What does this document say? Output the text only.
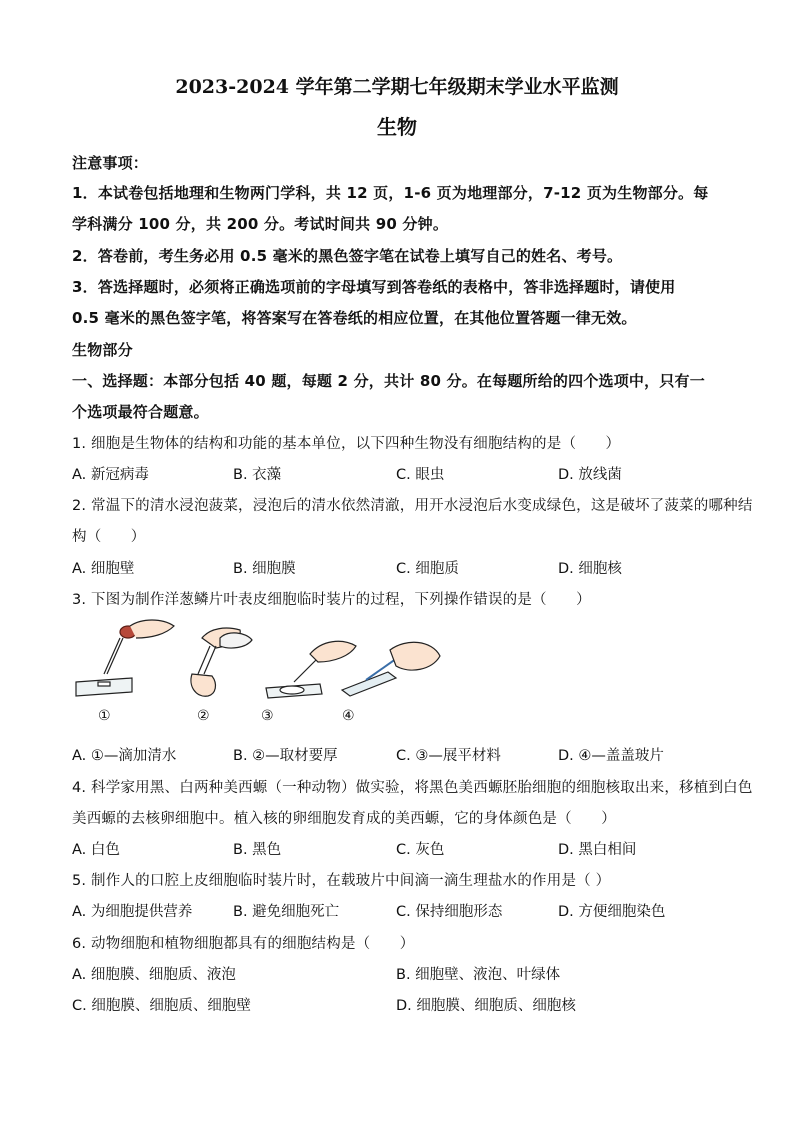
2023-2024 学年第二学期七年级期末学业水平监测
生物
注意事项：
1．本试卷包括地理和生物两门学科，共 12 页，1-6 页为地理部分，7-12 页为生物部分。每
学科满分 100 分，共 200 分。考试时间共 90 分钟。
2．答卷前，考生务必用 0.5 毫米的黑色签字笔在试卷上填写自己的姓名、考号。
3．答选择题时，必须将正确选项前的字母填写到答卷纸的表格中，答非选择题时，请使用
0.5 毫米的黑色签字笔，将答案写在答卷纸的相应位置，在其他位置答题一律无效。
生物部分
一、选择题：本部分包括 40 题，每题 2 分，共计 80 分。在每题所给的四个选项中，只有一
个选项最符合题意。
1. 细胞是生物体的结构和功能的基本单位，以下四种生物没有细胞结构的是（　　）
A. 新冠病毒	B. 衣藻	C. 眼虫	D. 放线菌
2. 常温下的清水浸泡菠菜，浸泡后的清水依然清澈，用开水浸泡后水变成绿色，这是破坏了菠菜的哪种结
构（　　）
A. 细胞壁	B. 细胞膜	C. 细胞质	D. 细胞核
3. 下图为制作洋葱鳞片叶表皮细胞临时装片的过程，下列操作错误的是（　　）
①	②	③	④
A. ①—滴加清水	B. ②—取材要厚	C. ③—展平材料	D. ④—盖盖玻片
4. 科学家用黑、白两种美西螈（一种动物）做实验，将黑色美西螈胚胎细胞的细胞核取出来，移植到白色
美西螈的去核卵细胞中。植入核的卵细胞发育成的美西螈，它的身体颜色是（　　）
A. 白色	B. 黑色	C. 灰色	D. 黑白相间
5. 制作人的口腔上皮细胞临时装片时，在载玻片中间滴一滴生理盐水的作用是（ ）
A. 为细胞提供营养	B. 避免细胞死亡	C. 保持细胞形态	D. 方便细胞染色
6. 动物细胞和植物细胞都具有的细胞结构是（　　）
A. 细胞膜、细胞质、液泡	B. 细胞壁、液泡、叶绿体
C. 细胞膜、细胞质、细胞壁	D. 细胞膜、细胞质、细胞核
